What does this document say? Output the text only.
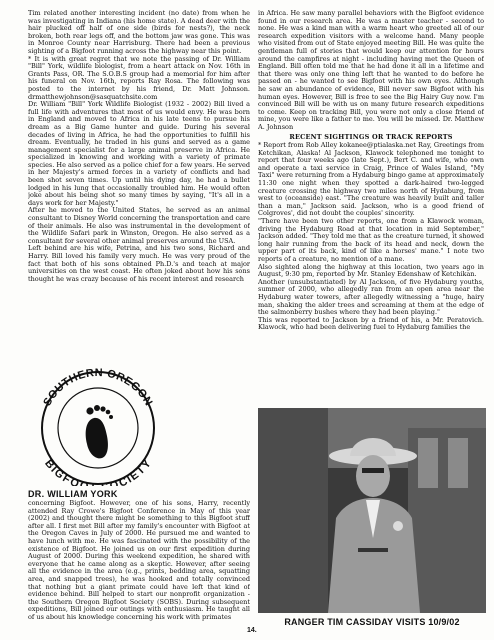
Tim related another interesting incident (no date) from when he was investigating in Indiana (his home state). A dead deer with the hair plucked off half of one side (birds for nests?), the neck broken, both rear legs off, and the bottom jaw was gone. This was in Monroe County near Harrisburg. There had been a previous sighting of a Bigfoot running across the highway near this point.

* It is with great regret that we note the passing of Dr. William "Bill" York, wildlife biologist, from a heart attack on Nov. 16th in Grants Pass, OR. The S.O.B.S group had a memorial for him after his funeral on Nov. 16th, reports Ray Rosa. The following was posted to the internet by his friend, Dr. Matt Johnson. drmatthewjohnson@sasquatchsite.com

Dr. William "Bill" York Wildlife Biologist (1932 - 2002) Bill lived a full life with adventures that most of us would envy. He was born in England and moved to Africa in his late teens to pursue his dream as a Big Game hunter and guide. During his several decades of living in Africa, he had the opportunities to fulfill his dream. Eventually, he traded in his guns and served as a game management specialist for a large animal preserve in Africa. He specialized in knowing and working with a variety of primate species. He also served as a police chief for a few years. He served in her Majesty's armed forces in a variety of conflicts and had been shot seven times. Up until his dying day, he had a bullet lodged in his lung that occasionally troubled him. He would often joke about his being shot so many times by saying, "It's all in a days work for her Majesty."

After he moved to the United States, he served as an animal consultant to Disney World concerning the transportation and care of their animals. He also was instrumental in the development of the Wildlife Safari park in Winston, Oregon. He also served as a consultant for several other animal preserves around the USA.

Left behind are his wife, Petrina, and his two sons, Richard and Harry. Bill loved his family very much. He was very proud of the fact that both of his sons obtained Ph.D.'s and teach at major universities on the west coast. He often joked about how his sons thought he was crazy because of his recent interest and research

SOUTHERN OREGON
BIGFO OCIETY
DR. WILLIAM YORK

concerning Bigfoot. However, one of his sons, Harry, recently attended Ray Crowe's Bigfoot Conference in May of this year (2002) and thought there might be something to this Bigfoot stuff after all. I first met Bill after my family's encounter with Bigfoot at the Oregon Caves in July of 2000. He pursued me and wanted to have lunch with me. He was fascinated with the possibility of the existence of Bigfoot. He joined us on our first expedition during August of 2000. During this weekend expedition, he shared with everyone that he came along as a skeptic. However, after seeing all the evidence in the area (e.g., prints, bedding area, squatting area, and snapped trees), he was hooked and totally convinced that nothing but a giant primate could have left that kind of evidence behind. Bill helped to start our nonprofit organization - the Southern Oregon Bigfoot Society (SOBS). During subsequent expeditions, Bill joined our outings with enthusiasm. He taught all of us about his knowledge concerning his work with primates

in Africa. He saw many parallel behaviors with the Bigfoot evidence found in our research area. He was a master teacher - second to none. He was a kind man with a warm heart who greeted all of our research expedition visitors with a welcome hand. Many people who visited from out of State enjoyed meeting Bill. He was quite the gentleman full of stories that would keep our attention for hours around the campfires at night - including having met the Queen of England. Bill often told me that he had done it all in a lifetime and that there was only one thing left that he wanted to do before he passed on - he wanted to see Bigfoot with his own eyes. Although he saw an abundance of evidence, Bill never saw Bigfoot with his human eyes. However, Bill is free to see the Big Hairy Guy now. I'm convinced Bill will be with us on many future research expeditions to come. Keep on tracking Bill, you were not only a close friend of mine, you were like a father to me. You will be missed. Dr. Matthew A. Johnson

RECENT SIGHTINGS OR TRACK REPORTS

* Report from Rob Alley kokanee@ptialaska.net Ray, Greetings from Ketchikan, Alaska! Al Jackson, Klawock telephoned me tonight to report that four weeks ago (late Sept.), Bert C. and wife, who own and operate a taxi service in Craig, Prince of Wales Island, "My Taxi" were returning from a Hydaburg bingo game at approximately 11:30 one night when they spotted a dark-haired two-legged creature crossing the highway two miles north of Hydaburg, from west to (oceanside) east. "The creature was heavily built and taller than a man," Jackson said. Jackson, who is a good friend of Colgroves', did not doubt the couples' sincerity.

"There have been two other reports, one from a Klawock woman, driving the Hydaburg Road at that location in mid September," Jackson added. "They told me that as the creature turned, it showed long hair running from the back of its head and neck, down the upper part of its back, kind of like a horses' mane." I note two reports of a creature, no mention of a mane.

Also sighted along the highway at this location, two years ago in August, 9:30 pm, reported by Mr. Stanley Edenshaw of Ketchikan.

Another (unsubstantiated) by Al Jackson, of five Hydaburg youths, summer of 2000, who allegedly ran from an open area near the Hydaburg water towers, after allegedly witnessing a "huge, hairy man, shaking the alder trees and screaming at them at the edge of the salmonberry bushes where they had been playing."

This was reported to Jackson by a friend of his, a Mr. Peratovich. Klawock, who had been delivering fuel to Hydaburg families the

RANGER TIM CASSIDAY VISITS 10/9/02
14.
